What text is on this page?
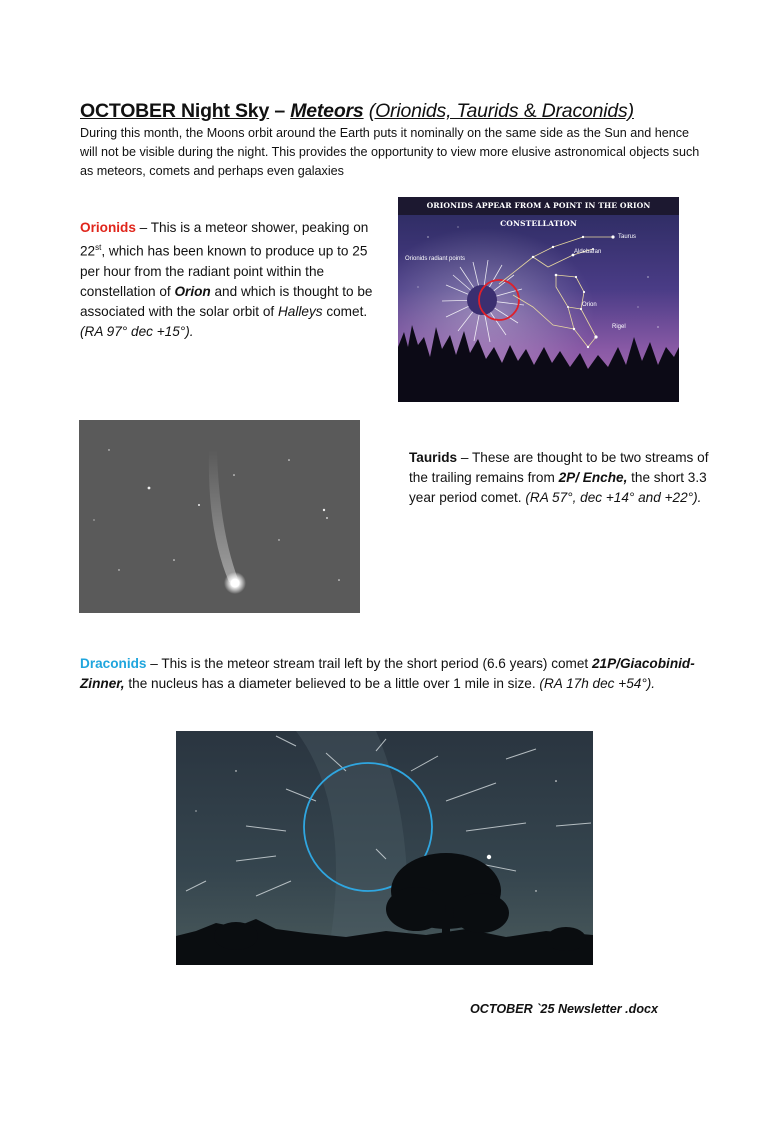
OCTOBER Night Sky – Meteors (Orionids, Taurids & Draconids)
During this month, the Moons orbit around the Earth puts it nominally on the same side as the Sun and hence will not be visible during the night. This provides the opportunity to view more elusive astronomical objects such as meteors, comets and perhaps even galaxies
Orionids – This is a meteor shower, peaking on 22st, which has been known to produce up to 25 per hour from the radiant point within the constellation of Orion and which is thought to be associated with the solar orbit of Halleys comet. (RA 97° dec +15°).
ORIONIDS APPEAR FROM A POINT IN THE ORION CONSTELLATION
Taurus
Aldebaran
Orionids radiant points
Orion
Rigel
Taurids – These are thought to be two streams of the trailing remains from 2P/ Enche, the short 3.3 year period comet. (RA 57°, dec +14° and +22°).
Draconids – This is the meteor stream trail left by the short period (6.6 years) comet 21P/Giacobinid-Zinner, the nucleus has a diameter believed to be a little over 1 mile in size. (RA 17h dec +54°).
OCTOBER `25 Newsletter .docx
